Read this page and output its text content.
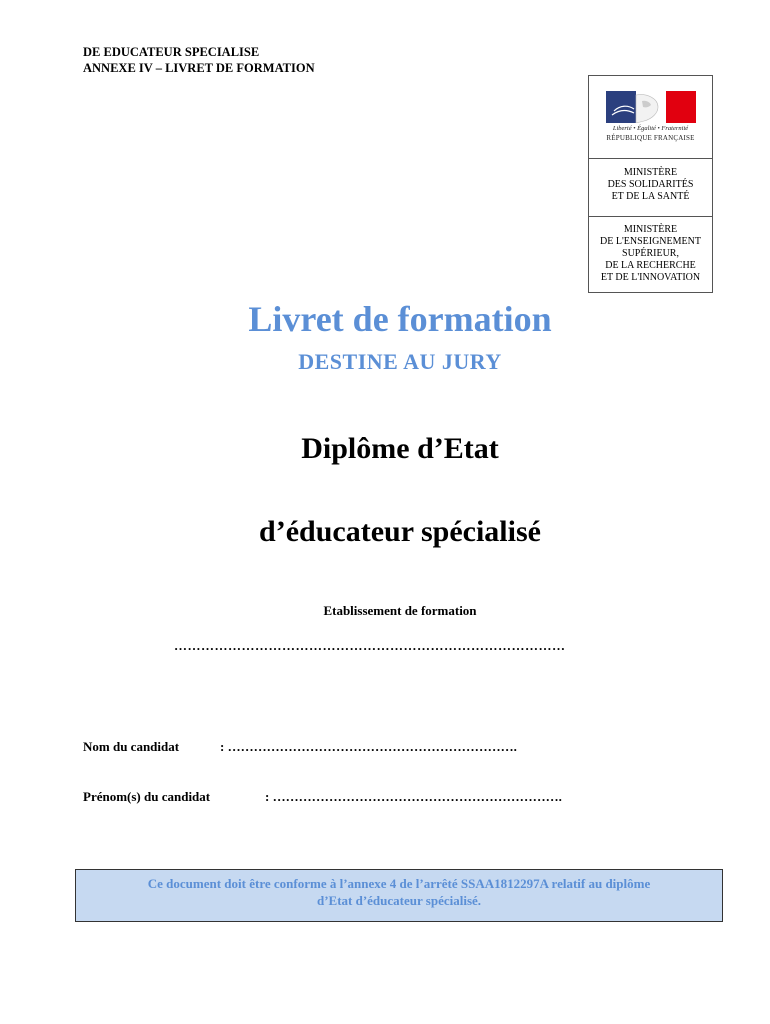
DE EDUCATEUR SPECIALISE
ANNEXE IV – LIVRET DE FORMATION
Liberté • Égalité • Fraternité
RÉPUBLIQUE FRANÇAISE
MINISTÈRE
DES SOLIDARITÉS
ET DE LA SANTÉ
MINISTÈRE
DE L'ENSEIGNEMENT
SUPÉRIEUR,
DE LA RECHERCHE
ET DE L'INNOVATION
Livret de formation
DESTINE AU JURY
Diplôme d’Etat
d’éducateur spécialisé
Etablissement de formation
……………………………………………………………………………
Nom du candidat	: ………………………………………………………….
Prénom(s) du candidat	: ………………………………………………………….
Ce document doit être conforme à l’annexe 4 de l’arrêté SSAA1812297A relatif au diplôme
d’Etat d’éducateur spécialisé.
